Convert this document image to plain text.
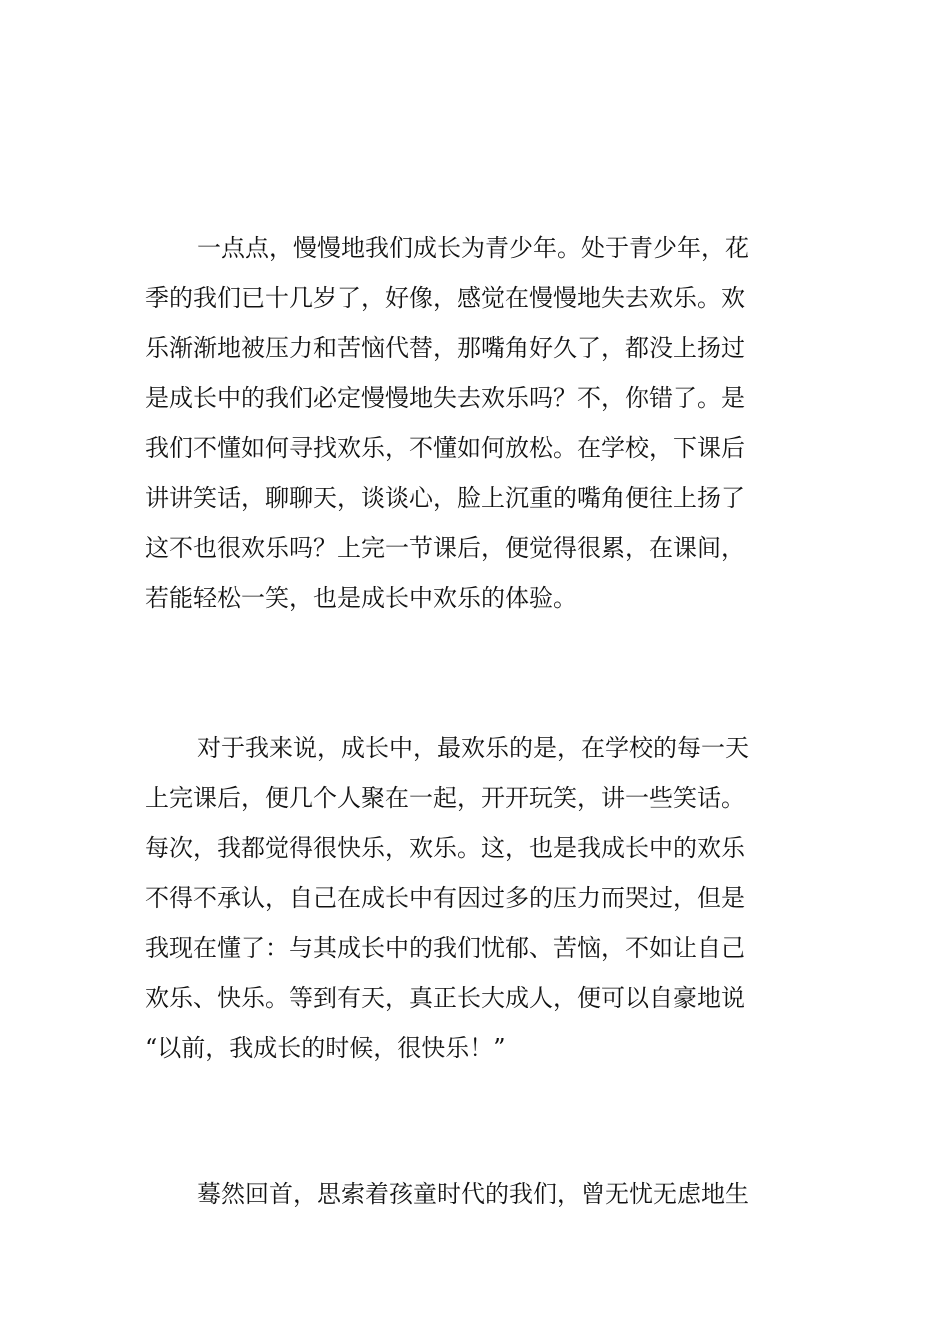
一点点，慢慢地我们成长为青少年。处于青少年，花
季的我们已十几岁了，好像，感觉在慢慢地失去欢乐。欢
乐渐渐地被压力和苦恼代替，那嘴角好久了，都没上扬过
是成长中的我们必定慢慢地失去欢乐吗？不，你错了。是
我们不懂如何寻找欢乐，不懂如何放松。在学校，下课后
讲讲笑话，聊聊天，谈谈心，脸上沉重的嘴角便往上扬了
这不也很欢乐吗？上完一节课后，便觉得很累，在课间，
若能轻松一笑，也是成长中欢乐的体验。
对于我来说，成长中，最欢乐的是，在学校的每一天
上完课后，便几个人聚在一起，开开玩笑，讲一些笑话。
每次，我都觉得很快乐，欢乐。这，也是我成长中的欢乐
不得不承认，自己在成长中有因过多的压力而哭过，但是
我现在懂了：与其成长中的我们忧郁、苦恼，不如让自己
欢乐、快乐。等到有天，真正长大成人，便可以自豪地说
“以前，我成长的时候，很快乐！”
蓦然回首，思索着孩童时代的我们，曾无忧无虑地生
